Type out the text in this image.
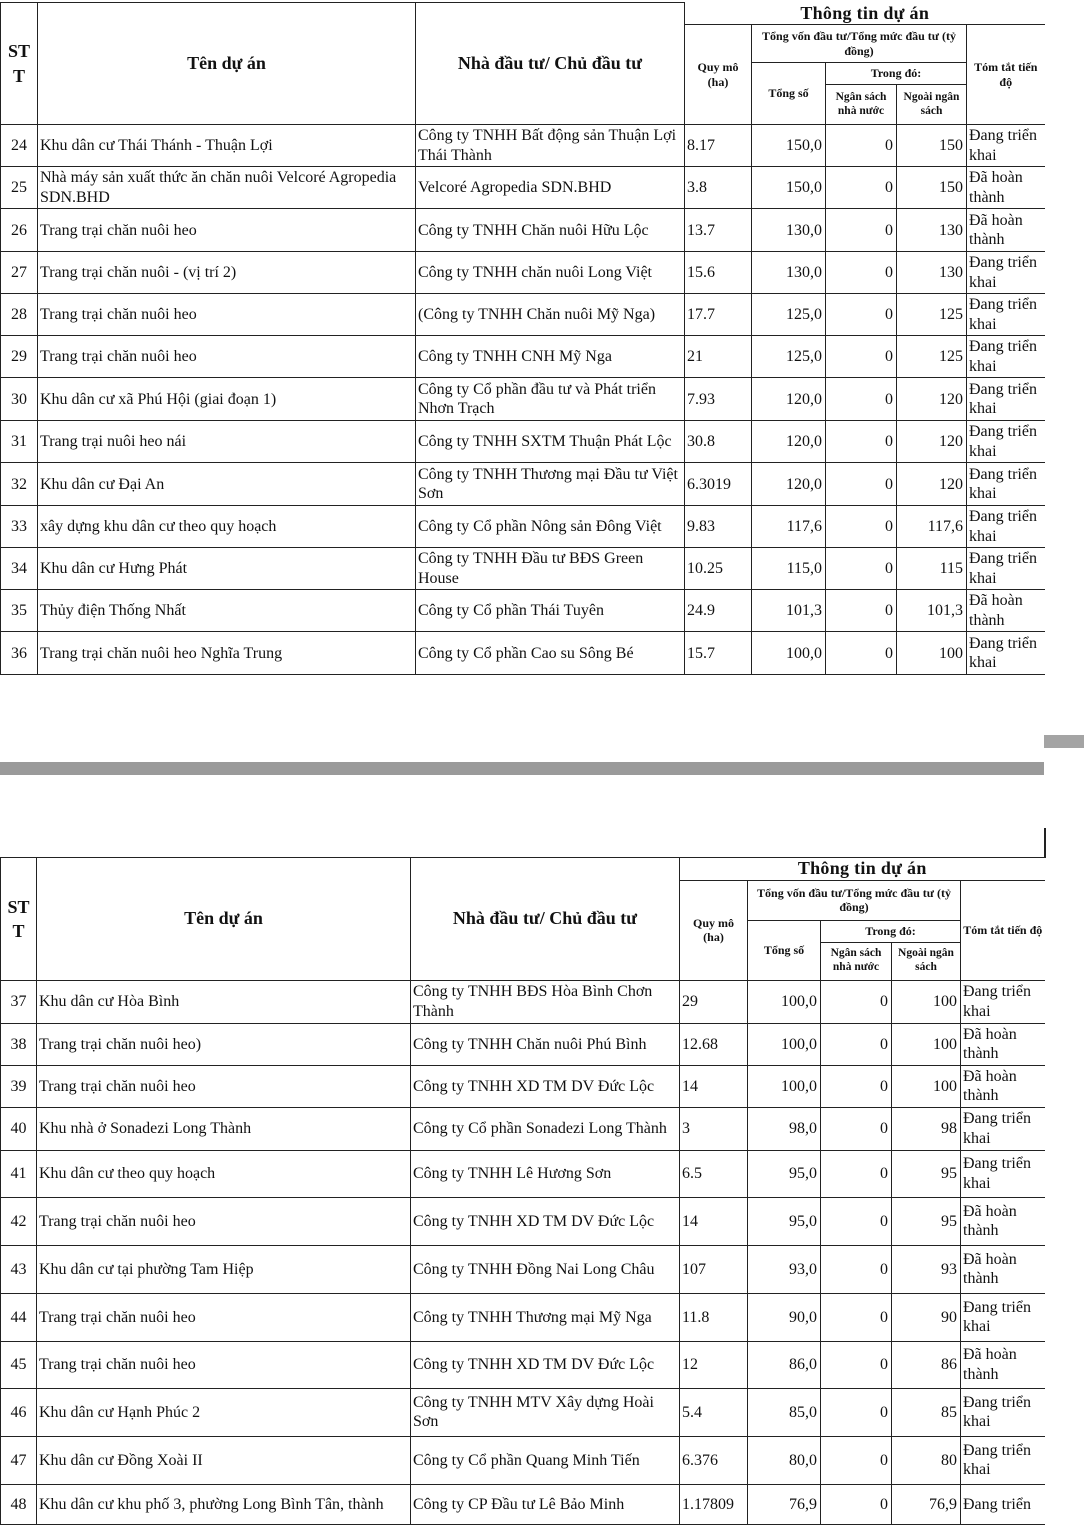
STT	Tên dự án	Nhà đầu tư/ Chủ đầu tư	Thông tin dự án				
			Quy mô (ha)	Tổng vốn đầu tư/Tổng mức đầu tư (tỷ đồng)			Tóm tắt tiến độ
				Tổng số	Trong đó:		
					Ngân sách nhà nước	Ngoài ngân sách	
24	Khu dân cư Thái Thánh - Thuận Lợi	Công ty TNHH Bất động sản Thuận Lợi Thái Thành	8.17	150,0	0	150	Đang triển khai
25	Nhà máy sản xuất thức ăn chăn nuôi Velcoré Agropedia SDN.BHD	Velcoré Agropedia SDN.BHD	3.8	150,0	0	150	Đã hoàn thành
26	Trang trại chăn nuôi heo	Công ty TNHH Chăn nuôi Hữu Lộc	13.7	130,0	0	130	Đã hoàn thành
27	Trang trại chăn nuôi - (vị trí 2)	Công ty TNHH chăn nuôi Long Việt	15.6	130,0	0	130	Đang triển khai
28	Trang trại chăn nuôi heo	(Công ty TNHH Chăn nuôi Mỹ Nga)	17.7	125,0	0	125	Đang triển khai
29	Trang trại chăn nuôi heo	Công ty TNHH CNH Mỹ Nga	21	125,0	0	125	Đang triển khai
30	Khu dân cư xã Phú Hội (giai đoạn 1)	Công ty Cổ phần đầu tư và Phát triển Nhơn Trạch	7.93	120,0	0	120	Đang triển khai
31	Trang trại nuôi heo nái	Công ty TNHH SXTM Thuận Phát Lộc	30.8	120,0	0	120	Đang triển khai
32	Khu dân cư Đại An	Công ty TNHH Thương mại Đầu tư Việt Sơn	6.3019	120,0	0	120	Đang triển khai
33	xây dựng khu dân cư theo quy hoạch	Công ty Cổ phần Nông sản Đông Việt	9.83	117,6	0	117,6	Đang triển khai
34	Khu dân cư Hưng Phát	Công ty TNHH Đầu tư BĐS Green House	10.25	115,0	0	115	Đang triển khai
35	Thủy điện Thống Nhất	Công ty Cổ phần Thái Tuyên	24.9	101,3	0	101,3	Đã hoàn thành
36	Trang trại chăn nuôi heo Nghĩa Trung	Công ty Cổ phần Cao su Sông Bé	15.7	100,0	0	100	Đang triển khai
STT	Tên dự án	Nhà đầu tư/ Chủ đầu tư	Thông tin dự án				
			Quy mô (ha)	Tổng vốn đầu tư/Tổng mức đầu tư (tỷ đồng)			Tóm tắt tiến độ
				Tổng số	Trong đó:		
					Ngân sách nhà nước	Ngoài ngân sách	
37	Khu dân cư Hòa Bình	Công ty TNHH BĐS Hòa Bình Chơn Thành	29	100,0	0	100	Đang triển khai
38	Trang trại chăn nuôi heo)	Công ty TNHH Chăn nuôi Phú Bình	12.68	100,0	0	100	Đã hoàn thành
39	Trang trại chăn nuôi heo	Công ty TNHH XD TM DV Đức Lộc	14	100,0	0	100	Đã hoàn thành
40	Khu nhà ở Sonadezi Long Thành	Công ty Cổ phần Sonadezi Long Thành	3	98,0	0	98	Đang triển khai
41	Khu dân cư theo quy hoạch	Công ty TNHH Lê Hương Sơn	6.5	95,0	0	95	Đang triển khai
42	Trang trại chăn nuôi heo	Công ty TNHH XD TM DV Đức Lộc	14	95,0	0	95	Đã hoàn thành
43	Khu dân cư tại phường Tam Hiệp	Công ty TNHH Đồng Nai Long Châu	107	93,0	0	93	Đã hoàn thành
44	Trang trại chăn nuôi heo	Công ty TNHH Thương mại Mỹ Nga	11.8	90,0	0	90	Đang triển khai
45	Trang trại chăn nuôi heo	Công ty TNHH XD TM DV Đức Lộc	12	86,0	0	86	Đã hoàn thành
46	Khu dân cư Hạnh Phúc 2	Công ty TNHH MTV Xây dựng Hoài Sơn	5.4	85,0	0	85	Đang triển khai
47	Khu dân cư Đồng Xoài II	Công ty Cổ phần Quang Minh Tiến	6.376	80,0	0	80	Đang triển khai
48	Khu dân cư khu phố 3, phường Long Bình Tân, thành	Công ty CP Đầu tư Lê Bảo Minh	1.17809	76,9	0	76,9	Đang triển
